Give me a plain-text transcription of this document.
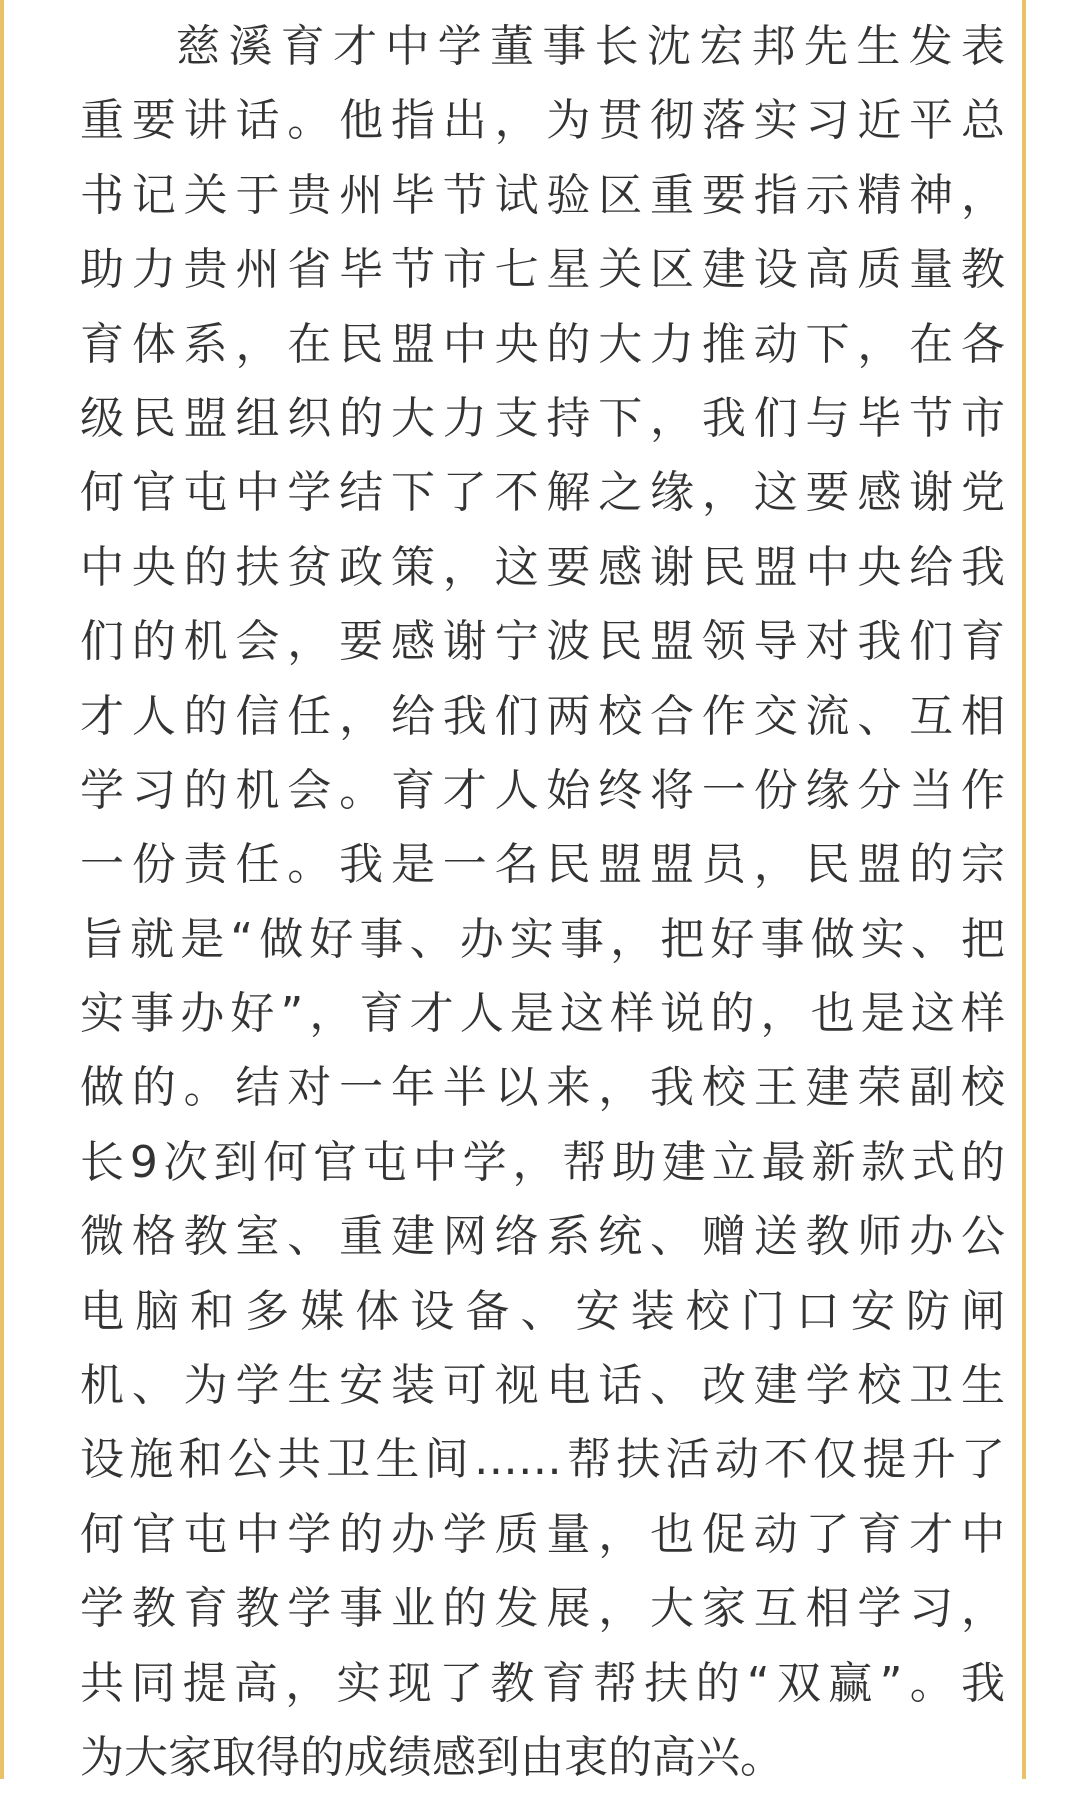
慈溪育才中学董事长沈宏邦先生发表
重要讲话。他指出，为贯彻落实习近平总
书记关于贵州毕节试验区重要指示精神，
助力贵州省毕节市七星关区建设高质量教
育体系，在民盟中央的大力推动下，在各
级民盟组织的大力支持下，我们与毕节市
何官屯中学结下了不解之缘，这要感谢党
中央的扶贫政策，这要感谢民盟中央给我
们的机会，要感谢宁波民盟领导对我们育
才人的信任，给我们两校合作交流、互相
学习的机会。育才人始终将一份缘分当作
一份责任。我是一名民盟盟员，民盟的宗
旨就是“做好事、办实事，把好事做实、把
实事办好”，育才人是这样说的，也是这样
做的。结对一年半以来，我校王建荣副校
长9次到何官屯中学，帮助建立最新款式的
微格教室、重建网络系统、赠送教师办公
电脑和多媒体设备、安装校门口安防闸
机、为学生安装可视电话、改建学校卫生
设施和公共卫生间……帮扶活动不仅提升了
何官屯中学的办学质量，也促动了育才中
学教育教学事业的发展，大家互相学习，
共同提高，实现了教育帮扶的“双赢”。我
为大家取得的成绩感到由衷的高兴。
